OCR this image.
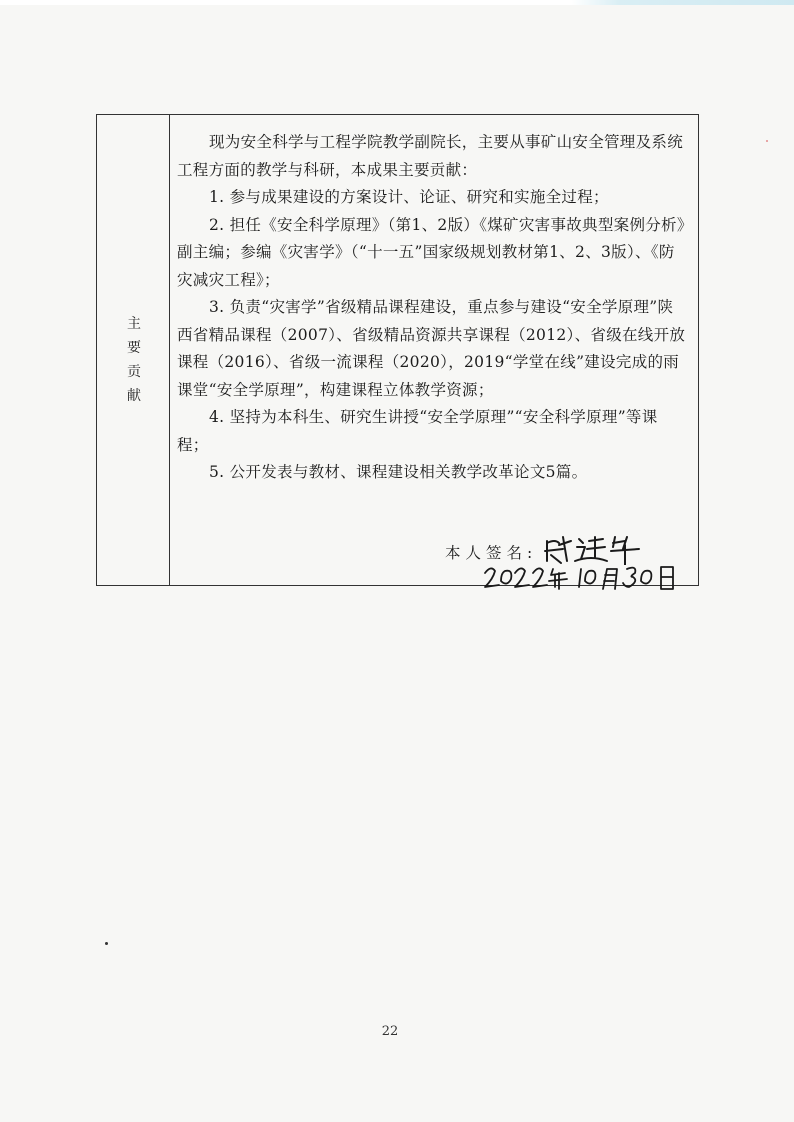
主
要
贡
献

现为安全科学与工程学院教学副院长，主要从事矿山安全管理及系统工程方面的教学与科研，本成果主要贡献：

1. 参与成果建设的方案设计、论证、研究和实施全过程；

2. 担任《安全科学原理》（第1、2版）《煤矿灾害事故典型案例分析》副主编；参编《灾害学》（“十一五”国家级规划教材第1、2、3版）、《防灾减灾工程》；

3. 负责“灾害学”省级精品课程建设，重点参与建设“安全学原理”陕西省精品课程（2007）、省级精品资源共享课程（2012）、省级在线开放课程（2016）、省级一流课程（2020），2019“学堂在线”建设完成的雨课堂“安全学原理”，构建课程立体教学资源；

4. 坚持为本科生、研究生讲授“安全学原理”“安全科学原理”等课程；

5. 公开发表与教材、课程建设相关教学改革论文5篇。

本人签名:
22
